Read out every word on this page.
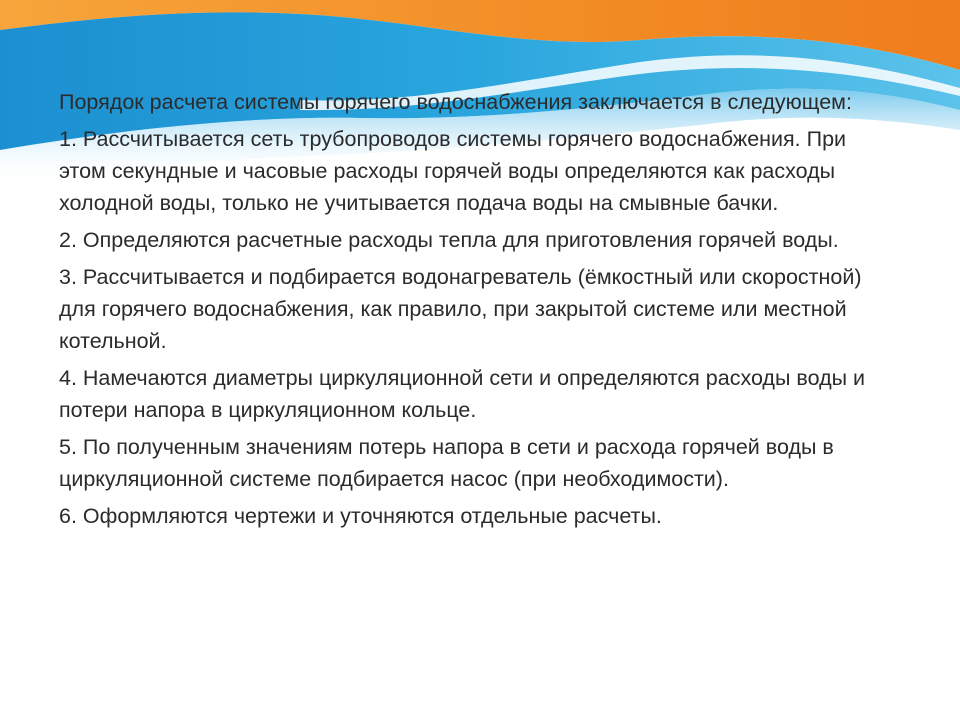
Порядок расчета системы горячего водоснабжения заключается в следующем:

1. Рассчитывается сеть трубопроводов системы горячего водоснабжения. При этом секундные и часовые расходы горячей воды определяются как расходы холодной воды, только не учитывается подача воды на смывные бачки.

2. Определяются расчетные расходы тепла для приготовления горячей воды.

3. Рассчитывается и подбирается водонагреватель (ёмкостный или скоростной) для горячего водоснабжения, как правило, при закрытой системе или местной котельной.

4. Намечаются диаметры циркуляционной сети и определяются расходы воды и потери напора в циркуляционном кольце.

5. По полученным значениям потерь напора в сети и расхода горячей воды в циркуляционной системе подбирается насос (при необходимости).

6. Оформляются чертежи и уточняются отдельные расчеты.
